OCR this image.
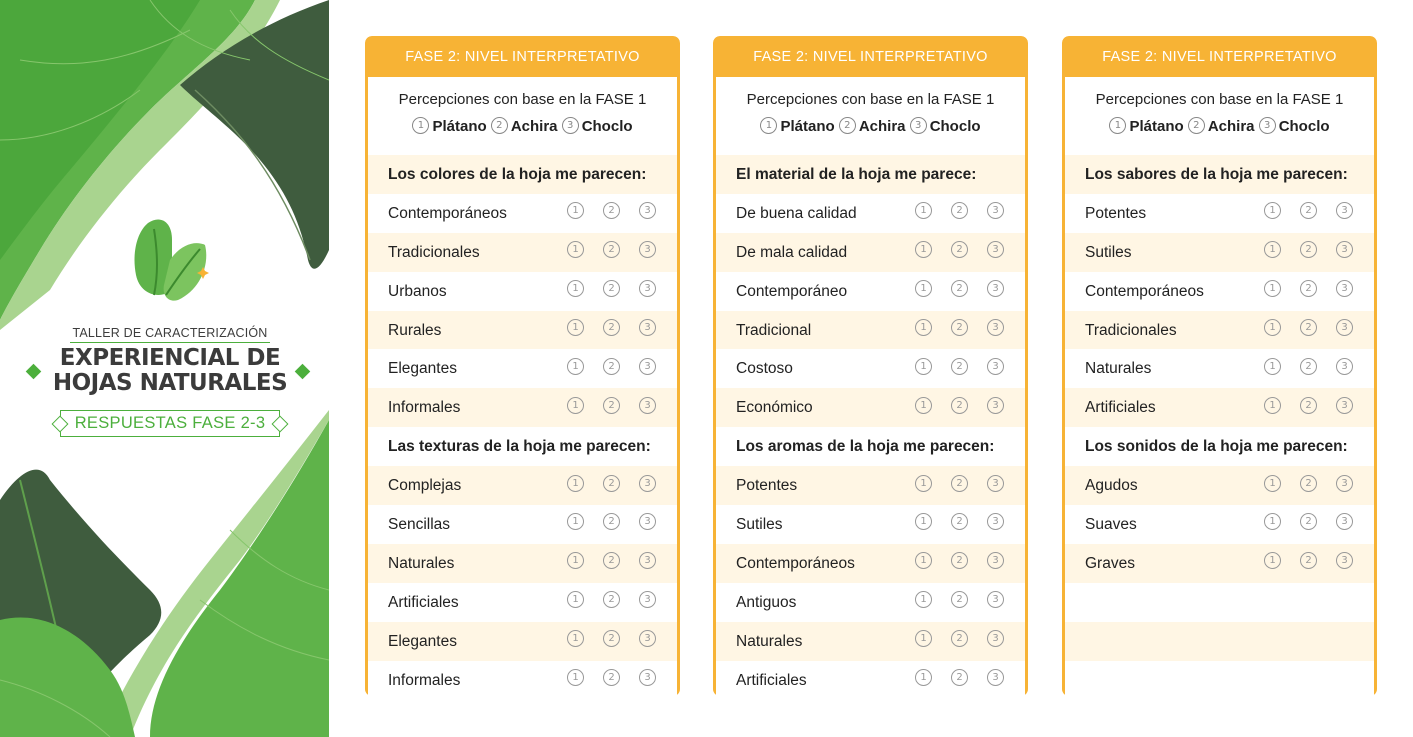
TALLER DE CARACTERIZACIÓN
EXPERIENCIAL DE
HOJAS NATURALES
RESPUESTAS FASE 2-3
FASE 2: NIVEL INTERPRETATIVO
Percepciones con base en la FASE 1
1 Plátano 2 Achira 3 Choclo
Los colores de la hoja me parecen:
Contemporáneos	1	2	3
Tradicionales	1	2	3
Urbanos	1	2	3
Rurales	1	2	3
Elegantes	1	2	3
Informales	1	2	3
Las texturas de la hoja me parecen:
Complejas	1	2	3
Sencillas	1	2	3
Naturales	1	2	3
Artificiales	1	2	3
Elegantes	1	2	3
Informales	1	2	3
FASE 2: NIVEL INTERPRETATIVO
Percepciones con base en la FASE 1
1 Plátano 2 Achira 3 Choclo
El material de la hoja me parece:
De buena calidad	1	2	3
De mala calidad	1	2	3
Contemporáneo	1	2	3
Tradicional	1	2	3
Costoso	1	2	3
Económico	1	2	3
Los aromas de la hoja me parecen:
Potentes	1	2	3
Sutiles	1	2	3
Contemporáneos	1	2	3
Antiguos	1	2	3
Naturales	1	2	3
Artificiales	1	2	3
FASE 2: NIVEL INTERPRETATIVO
Percepciones con base en la FASE 1
1 Plátano 2 Achira 3 Choclo
Los sabores de la hoja me parecen:
Potentes	1	2	3
Sutiles	1	2	3
Contemporáneos	1	2	3
Tradicionales	1	2	3
Naturales	1	2	3
Artificiales	1	2	3
Los sonidos de la hoja me parecen:
Agudos	1	2	3
Suaves	1	2	3
Graves	1	2	3
